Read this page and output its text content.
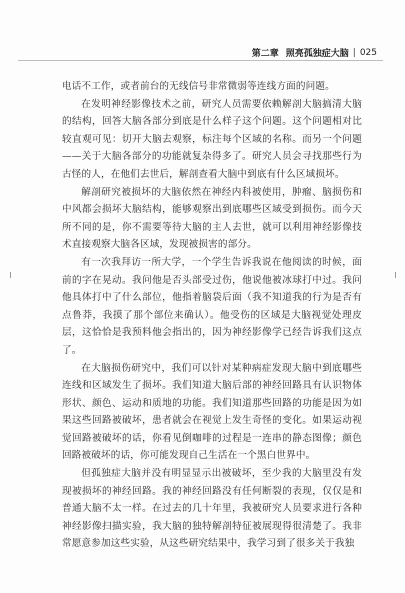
第二章 照亮孤独症大脑 | 025

电话不工作，或者前台的无线信号非常微弱等连线方面的问题。

在发明神经影像技术之前，研究人员需要依赖解剖大脑搞清大脑的结构，回答大脑各部分到底是什么样子这个问题。这个问题相对比较直观可见：切开大脑去观察，标注每个区域的名称。而另一个问题——关于大脑各部分的功能就复杂得多了。研究人员会寻找那些行为古怪的人，在他们去世后，解剖查看大脑中到底有什么区域损坏。

解剖研究被损坏的大脑依然在神经内科被使用，肿瘤、脑损伤和中风都会损坏大脑结构，能够观察出到底哪些区域受到损伤。而今天所不同的是，你不需要等待大脑的主人去世，就可以利用神经影像技术直接观察大脑各区域，发现被损害的部分。

有一次我拜访一所大学，一个学生告诉我说在他阅读的时候，面前的字在晃动。我问他是否头部受过伤，他说他被冰球打中过。我问他具体打中了什么部位，他指着脑袋后面（我不知道我的行为是否有点鲁莽，我摸了那个部位来确认）。他受伤的区域是大脑视觉处理皮层，这恰恰是我预料他会指出的，因为神经影像学已经告诉我们这点了。

在大脑损伤研究中，我们可以针对某种病症发现大脑中到底哪些连线和区域发生了损坏。我们知道大脑后部的神经回路具有认识物体形状、颜色、运动和质地的功能。我们知道那些回路的功能是因为如果这些回路被破坏，患者就会在视觉上发生奇怪的变化。如果运动视觉回路被破坏的话，你看见倒咖啡的过程是一连串的静态图像；颜色回路被破坏的话，你可能发现自己生活在一个黑白世界中。

但孤独症大脑并没有明显显示出被破坏，至少我的大脑里没有发现被损坏的神经回路。我的神经回路没有任何断裂的表现，仅仅是和普通大脑不太一样。在过去的几十年里，我被研究人员要求进行各种神经影像扫描实验，我大脑的独特解剖特征被展现得很清楚了。我非常愿意参加这些实验，从这些研究结果中，我学习到了很多关于我独
